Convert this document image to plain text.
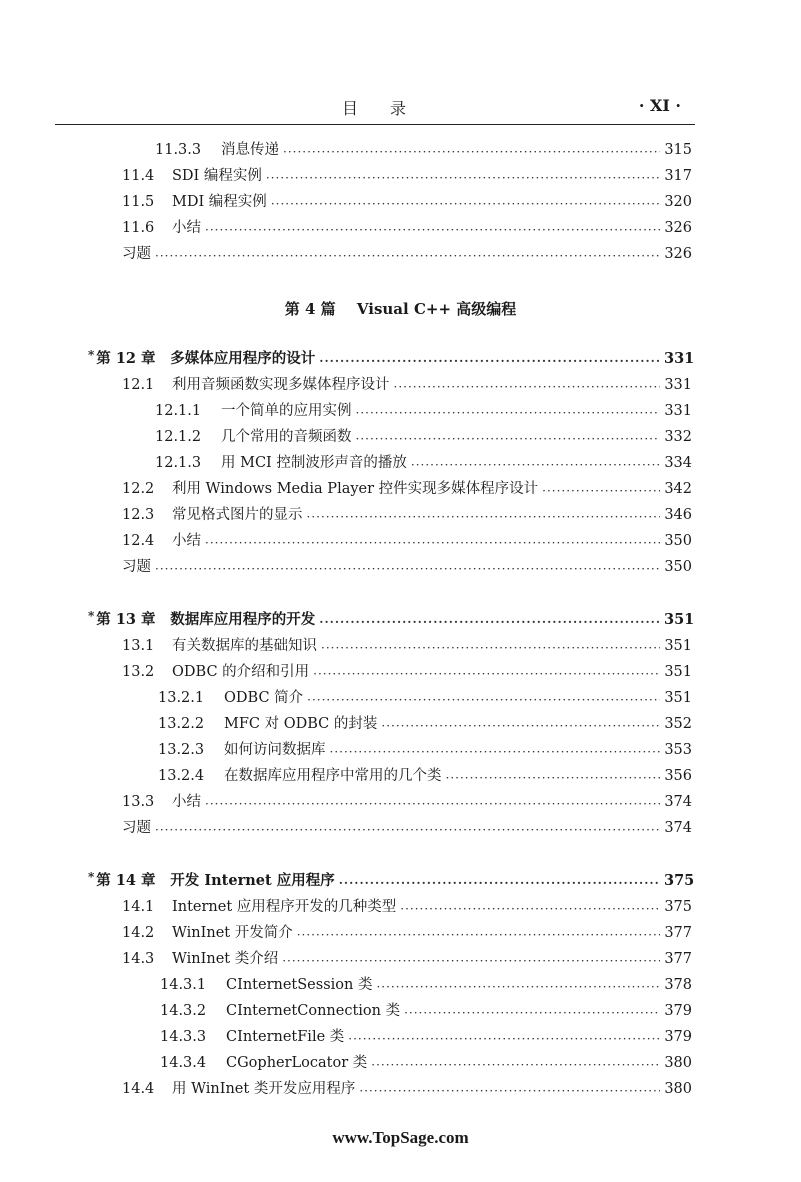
目 录	· XI ·
第 4 篇 Visual C++ 高级编程
11.3.3	消息传递 ·····	315
11.4	SDI 编程实例 ·····	317
11.5	MDI 编程实例 ·····	320
11.6	小结 ·····	326
习题 ·····	326
* 第 12 章	多媒体应用程序的设计 ·····	331
12.1	利用音频函数实现多媒体程序设计 ·····	331
12.1.1	一个简单的应用实例 ·····	331
12.1.2	几个常用的音频函数 ·····	332
12.1.3	用 MCI 控制波形声音的播放 ·····	334
12.2	利用 Windows Media Player 控件实现多媒体程序设计 ·····	342
12.3	常见格式图片的显示 ·····	346
12.4	小结 ·····	350
习题 ·····	350
* 第 13 章	数据库应用程序的开发 ·····	351
13.1	有关数据库的基础知识 ·····	351
13.2	ODBC 的介绍和引用 ·····	351
13.2.1	ODBC 简介 ·····	351
13.2.2	MFC 对 ODBC 的封装 ·····	352
13.2.3	如何访问数据库 ·····	353
13.2.4	在数据库应用程序中常用的几个类 ·····	356
13.3	小结 ·····	374
习题 ·····	374
* 第 14 章	开发 Internet 应用程序 ·····	375
14.1	Internet 应用程序开发的几种类型 ·····	375
14.2	WinInet 开发简介 ·····	377
14.3	WinInet 类介绍 ·····	377
14.3.1	CInternetSession 类 ·····	378
14.3.2	CInternetConnection 类 ·····	379
14.3.3	CInternetFile 类 ·····	379
14.3.4	CGopherLocator 类 ·····	380
14.4	用 WinInet 类开发应用程序 ·····	380
www.TopSage.com
